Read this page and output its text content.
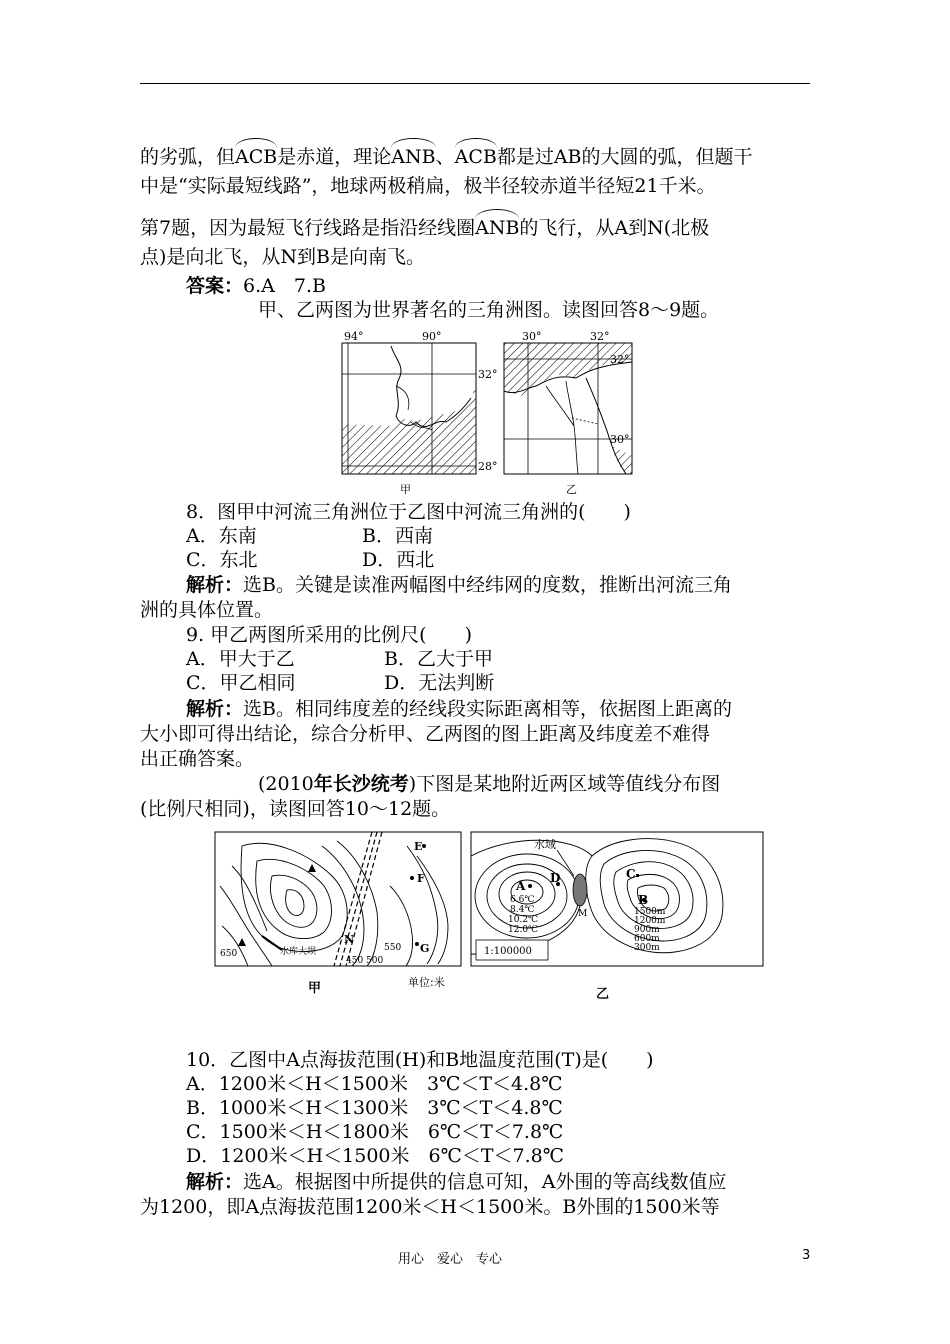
的劣弧，但ACB是赤道，理论ANB、ACB都是过AB的大圆的弧，但题干
中是“实际最短线路”，地球两极稍扁，极半径较赤道半径短21千米。
第7题，因为最短飞行线路是指沿经线圈ANB的飞行，从A到N(北极
点)是向北飞，从N到B是向南飞。
答案：6.A　7.B
甲、乙两图为世界著名的三角洲图。读图回答8～9题。
94°	90°
32°
28°
甲
30°	32°
32°
30°
乙
8．图甲中河流三角洲位于乙图中河流三角洲的(　　)
A．东南	B．西南
C．东北	D．西北
解析：选B。关键是读准两幅图中经纬网的度数，推断出河流三角
洲的具体位置。
9. 甲乙两图所采用的比例尺(　　)
A．甲大于乙	B．乙大于甲
C．甲乙相同	D．无法判断
解析：选B。相同纬度差的经线段实际距离相等，依据图上距离的
大小即可得出结论，综合分析甲、乙两图的图上距离及纬度差不难得
出正确答案。
(2010年长沙统考)下图是某地附近两区域等值线分布图
(比例尺相同)，读图回答10～12题。
E
F
G
N
650
550
450 500
水库大坝
甲	单位:米
水域
A
B
C
D
M
6.6℃
8.4℃
10.2℃
12.0℃
1500m
1200m
900m
600m
300m
1:100000
乙
10．乙图中A点海拔范围(H)和B地温度范围(T)是(　　)
A．1200米＜H＜1500米　3℃＜T＜4.8℃
B．1000米＜H＜1300米　3℃＜T＜4.8℃
C．1500米＜H＜1800米　6℃＜T＜7.8℃
D．1200米＜H＜1500米　6℃＜T＜7.8℃
解析：选A。根据图中所提供的信息可知，A外围的等高线数值应
为1200，即A点海拔范围1200米＜H＜1500米。B外围的1500米等
用心　爱心　专心	3
